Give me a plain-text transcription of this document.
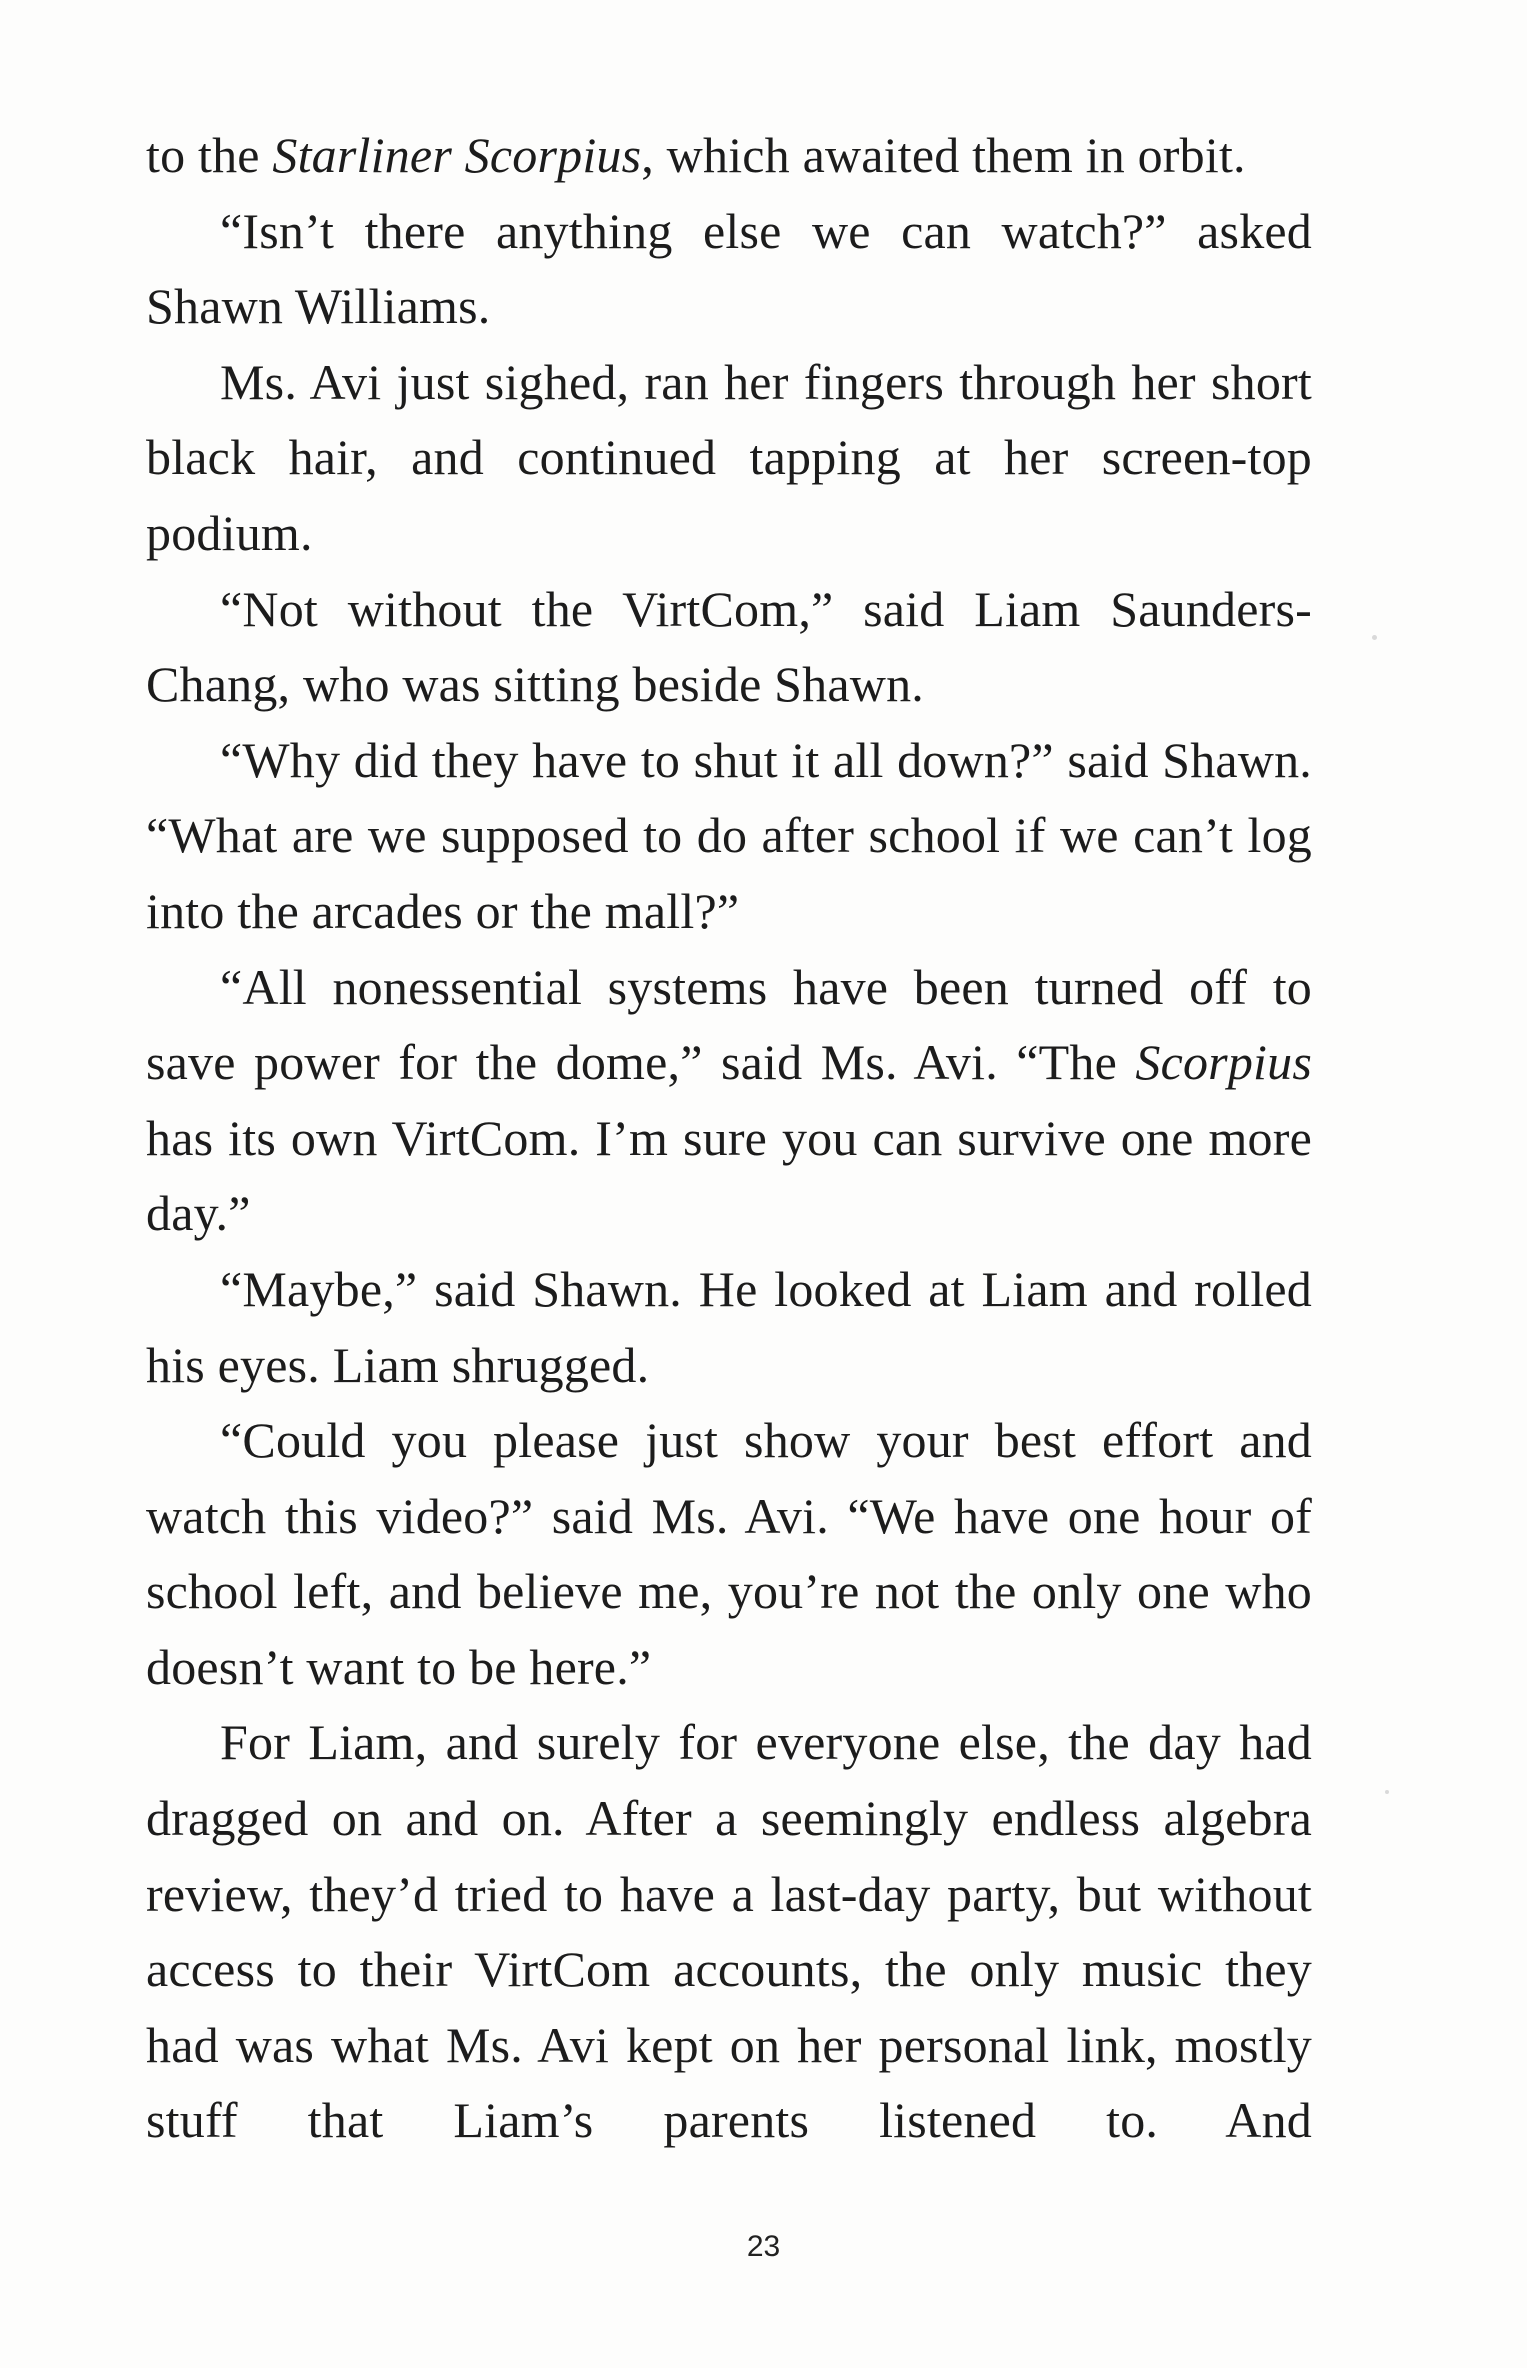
to the Starliner Scorpius, which awaited them in orbit.

“Isn’t there anything else we can watch?” asked Shawn Williams.

Ms. Avi just sighed, ran her fingers through her short black hair, and continued tapping at her screen-top podium.

“Not without the VirtCom,” said Liam Saunders-Chang, who was sitting beside Shawn.

“Why did they have to shut it all down?” said Shawn. “What are we supposed to do after school if we can’t log into the arcades or the mall?”

“All nonessential systems have been turned off to save power for the dome,” said Ms. Avi. “The Scorpius has its own VirtCom. I’m sure you can survive one more day.”

“Maybe,” said Shawn. He looked at Liam and rolled his eyes. Liam shrugged.

“Could you please just show your best effort and watch this video?” said Ms. Avi. “We have one hour of school left, and believe me, you’re not the only one who doesn’t want to be here.”

For Liam, and surely for everyone else, the day had dragged on and on. After a seemingly endless algebra review, they’d tried to have a last-day party, but without access to their VirtCom accounts, the only music they had was what Ms. Avi kept on her personal link, mostly stuff that Liam’s parents listened to. And

23
